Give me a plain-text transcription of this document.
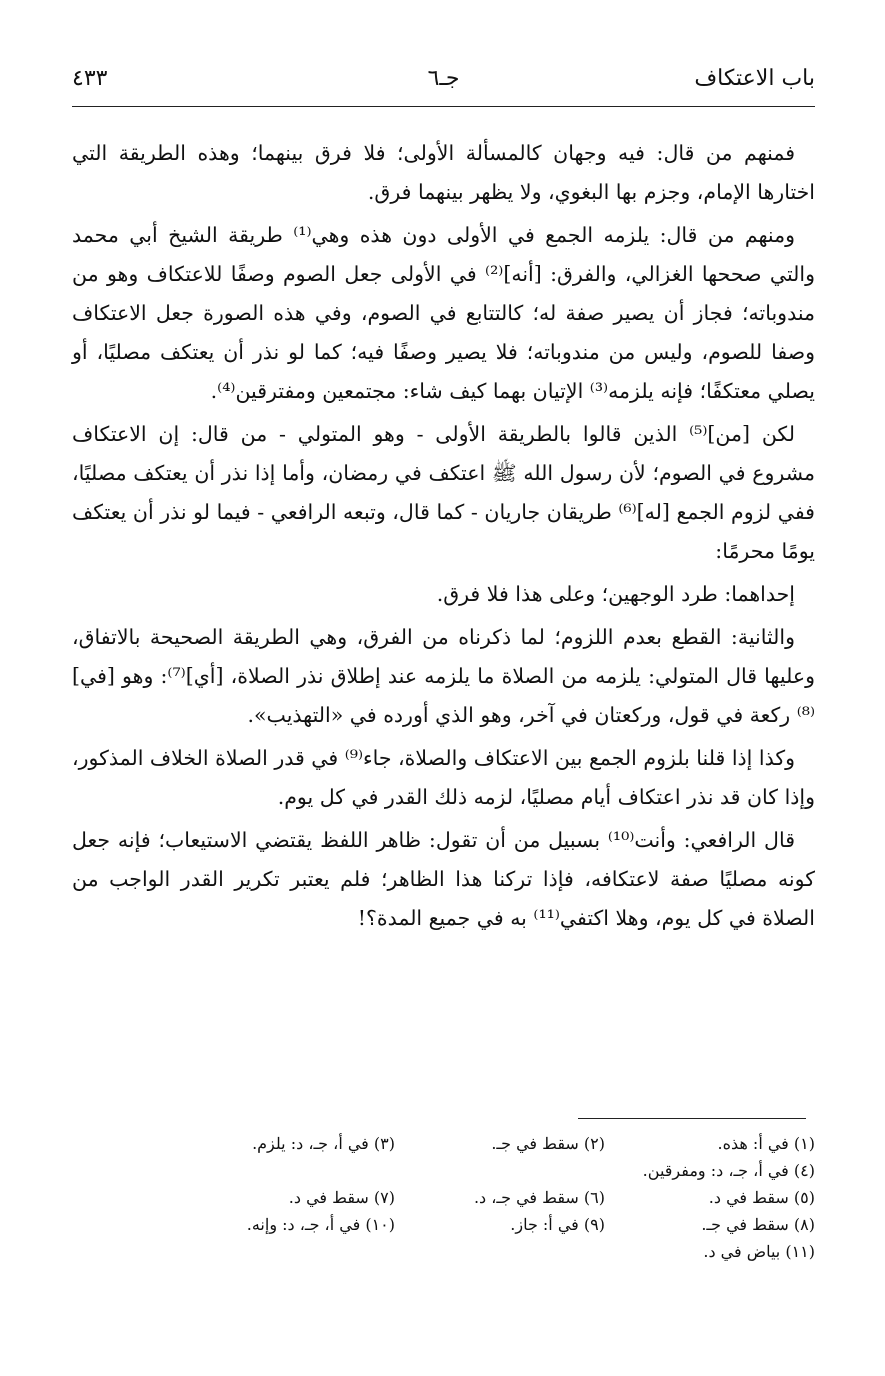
باب الاعتكاف
جـ٦
٤٣٣

فمنهم من قال: فيه وجهان كالمسألة الأولى؛ فلا فرق بينهما؛ وهذه الطريقة التي اختارها الإمام، وجزم بها البغوي، ولا يظهر بينهما فرق.

ومنهم من قال: يلزمه الجمع في الأولى دون هذه وهي⁽¹⁾ طريقة الشيخ أبي محمد والتي صححها الغزالي، والفرق: [أنه]⁽²⁾ في الأولى جعل الصوم وصفًا للاعتكاف وهو من مندوباته؛ فجاز أن يصير صفة له؛ كالتتابع في الصوم، وفي هذه الصورة جعل الاعتكاف وصفا للصوم، وليس من مندوباته؛ فلا يصير وصفًا فيه؛ كما لو نذر أن يعتكف مصليًا، أو يصلي معتكفًا؛ فإنه يلزمه⁽³⁾ الإتيان بهما كيف شاء: مجتمعين ومفترقين⁽⁴⁾.

لكن [من]⁽⁵⁾ الذين قالوا بالطريقة الأولى - وهو المتولي - من قال: إن الاعتكاف مشروع في الصوم؛ لأن رسول الله ﷺ اعتكف في رمضان، وأما إذا نذر أن يعتكف مصليًا، ففي لزوم الجمع [له]⁽⁶⁾ طريقان جاريان - كما قال، وتبعه الرافعي - فيما لو نذر أن يعتكف يومًا محرمًا:

إحداهما: طرد الوجهين؛ وعلى هذا فلا فرق.

والثانية: القطع بعدم اللزوم؛ لما ذكرناه من الفرق، وهي الطريقة الصحيحة بالاتفاق، وعليها قال المتولي: يلزمه من الصلاة ما يلزمه عند إطلاق نذر الصلاة، [أي]⁽⁷⁾: وهو [في]⁽⁸⁾ ركعة في قول، وركعتان في آخر، وهو الذي أورده في «التهذيب».

وكذا إذا قلنا بلزوم الجمع بين الاعتكاف والصلاة، جاء⁽⁹⁾ في قدر الصلاة الخلاف المذكور، وإذا كان قد نذر اعتكاف أيام مصليًا، لزمه ذلك القدر في كل يوم.

قال الرافعي: وأنت⁽¹⁰⁾ بسبيل من أن تقول: ظاهر اللفظ يقتضي الاستيعاب؛ فإنه جعل كونه مصليًا صفة لاعتكافه، فإذا تركنا هذا الظاهر؛ فلم يعتبر تكرير القدر الواجب من الصلاة في كل يوم، وهلا اكتفي⁽¹¹⁾ به في جميع المدة؟!

(١) في أ: هذه.
(٢) سقط في جـ.
(٣) في أ، جـ، د: يلزم.
(٤) في أ، جـ، د: ومفرقين.
(٥) سقط في د.
(٦) سقط في جـ، د.
(٧) سقط في د.
(٨) سقط في جـ.
(٩) في أ: جاز.
(١٠) في أ، جـ، د: وإنه.
(١١) بياض في د.
